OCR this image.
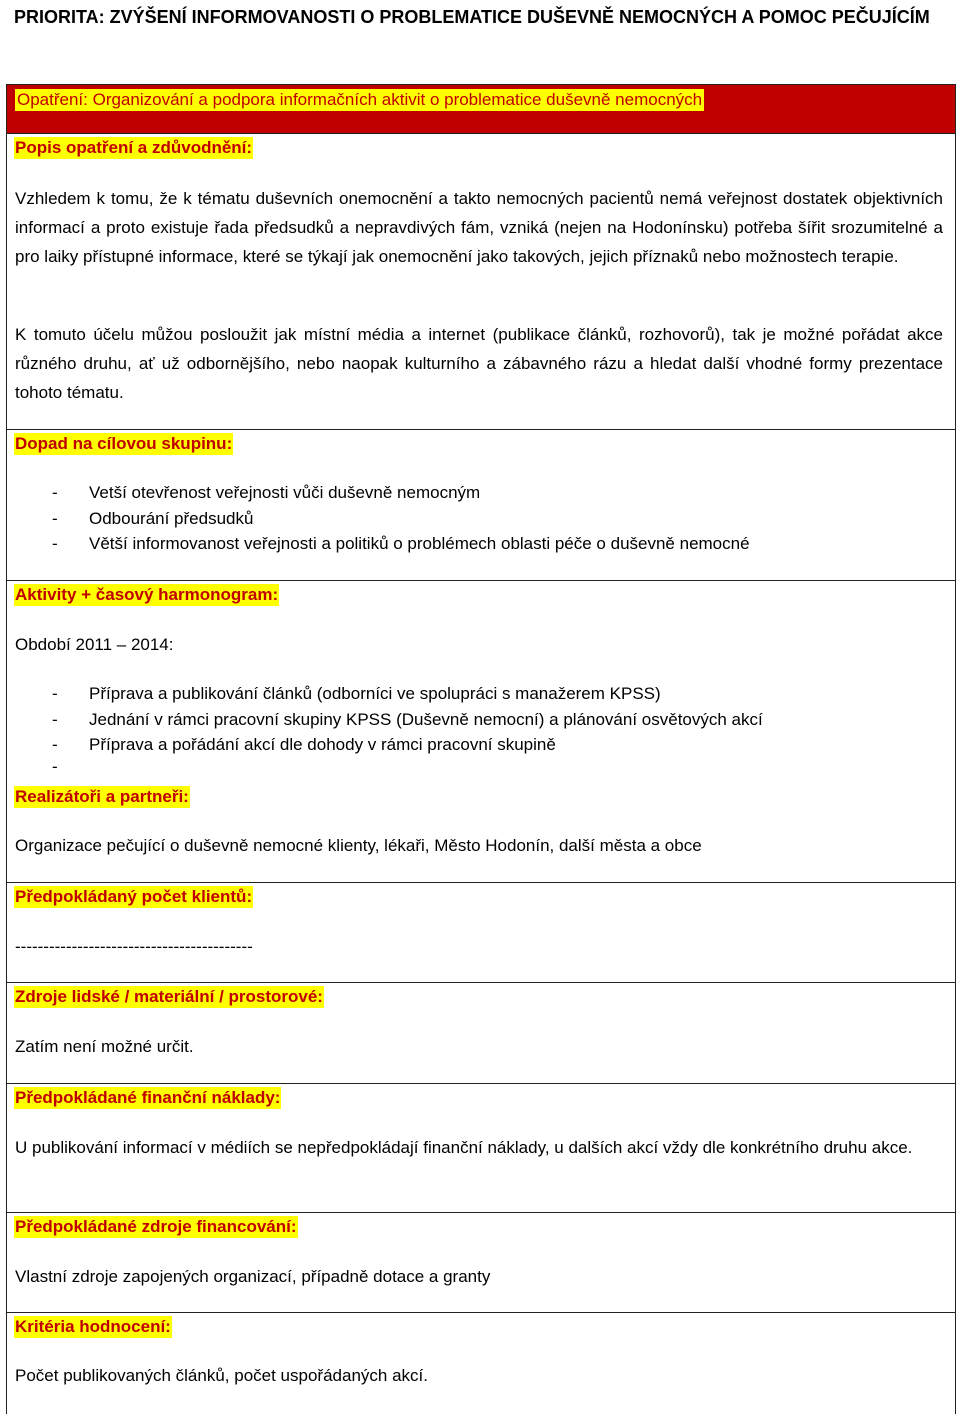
PRIORITA: ZVÝŠENÍ INFORMOVANOSTI O PROBLEMATICE DUŠEVNĚ NEMOCNÝCH A POMOC PEČUJÍCÍM
Opatření: Organizování a podpora informačních aktivit o problematice duševně nemocných
Popis opatření a zdůvodnění:

Vzhledem k tomu, že k tématu duševních onemocnění a takto nemocných pacientů nemá veřejnost dostatek objektivních informací a proto existuje řada předsudků a nepravdivých fám, vzniká (nejen na Hodonínsku) potřeba šířit srozumitelné a pro laiky přístupné informace, které se týkají jak onemocnění jako takových, jejich příznaků nebo možnostech terapie.

K tomuto účelu můžou posloužit jak místní média a internet (publikace článků, rozhovorů), tak je možné pořádat akce různého druhu, ať už odbornějšího, nebo naopak kulturního a zábavného rázu a hledat další vhodné formy prezentace tohoto tématu.

Dopad na cílovou skupinu:
- Vetší otevřenost veřejnosti vůči duševně nemocným
- Odbourání předsudků
- Větší informovanost veřejnosti a politiků o problémech oblasti péče o duševně nemocné
Aktivity + časový harmonogram:
Období 2011 – 2014:
- Příprava a publikování článků (odborníci ve spolupráci s manažerem KPSS)
- Jednání v rámci pracovní skupiny KPSS (Duševně nemocní) a plánování osvětových akcí
- Příprava a pořádání akcí dle dohody v rámci pracovní skupině
-
Realizátoři a partneři:
Organizace pečující o duševně nemocné klienty, lékaři, Město Hodonín, další města a obce
Předpokládaný počet klientů:
------------------------------------------
Zdroje lidské / materiální / prostorové:
Zatím není možné určit.
Předpokládané finanční náklady:

U publikování informací v médiích se nepředpokládají finanční náklady, u dalších akcí vždy dle konkrétního druhu akce.

Předpokládané zdroje financování:
Vlastní zdroje zapojených organizací, případně dotace a granty
Kritéria hodnocení:
Počet publikovaných článků, počet uspořádaných akcí.
